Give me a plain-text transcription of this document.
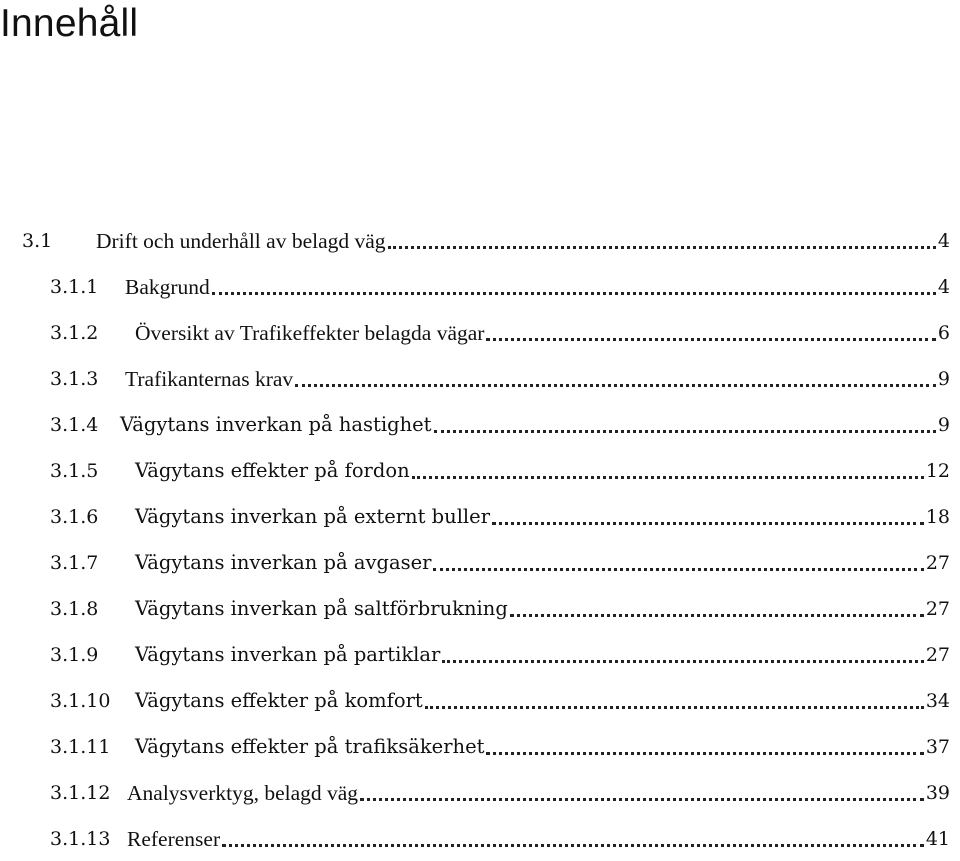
Innehåll
3.1	Drift och underhåll av belagd väg	4
3.1.1	Bakgrund	4
3.1.2	Översikt av Trafikeffekter belagda vägar	6
3.1.3	Trafikanternas krav	9
3.1.4	Vägytans inverkan på hastighet	9
3.1.5	Vägytans effekter på fordon	12
3.1.6	Vägytans inverkan på externt buller	18
3.1.7	Vägytans inverkan på avgaser	27
3.1.8	Vägytans inverkan på saltförbrukning	27
3.1.9	Vägytans inverkan på partiklar	27
3.1.10	Vägytans effekter på komfort	34
3.1.11	Vägytans effekter på trafiksäkerhet	37
3.1.12 Analysverktyg, belagd väg	39
3.1.13 Referenser	41
